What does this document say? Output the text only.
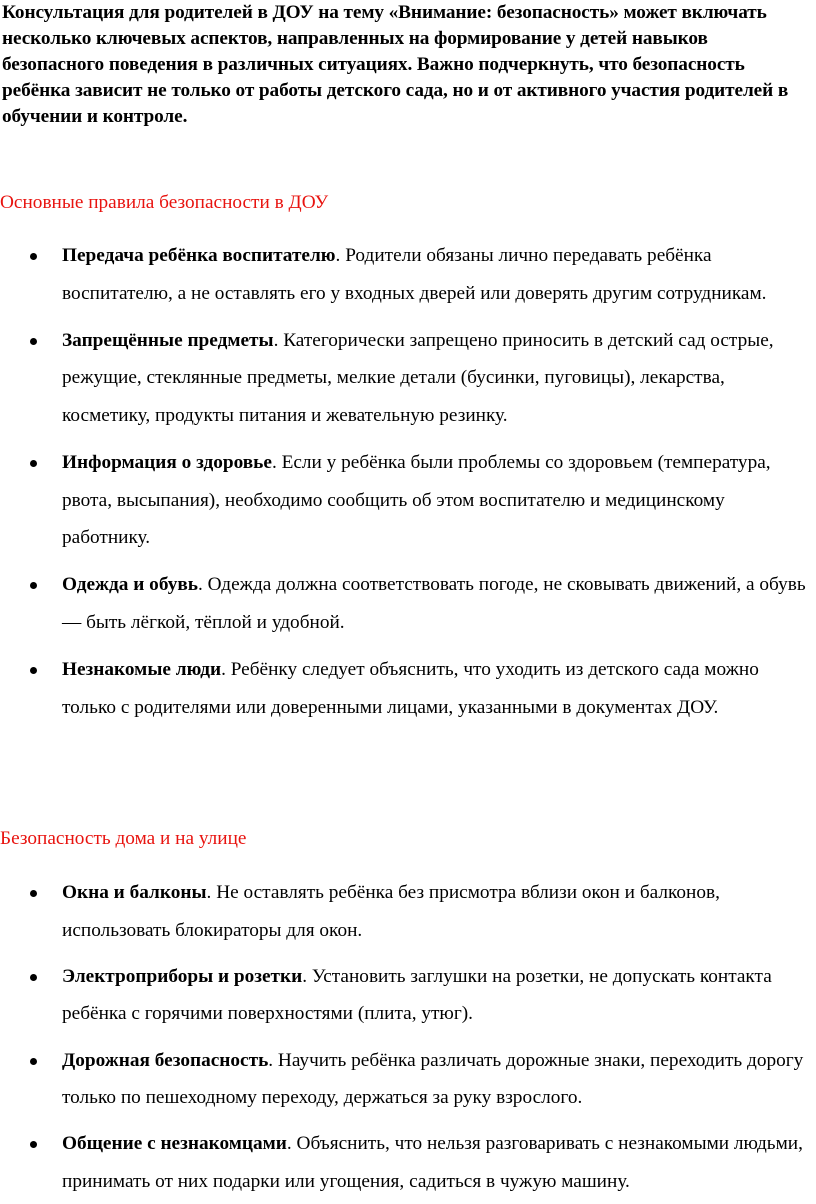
Консультация для родителей в ДОУ на тему «Внимание: безопасность» может включать несколько ключевых аспектов, направленных на формирование у детей навыков безопасного поведения в различных ситуациях. Важно подчеркнуть, что безопасность ребёнка зависит не только от работы детского сада, но и от активного участия родителей в обучении и контроле.

Основные правила безопасности в ДОУ
Передача ребёнка воспитателю. Родители обязаны лично передавать ребёнка воспитателю, а не оставлять его у входных дверей или доверять другим сотрудникам.
Запрещённые предметы. Категорически запрещено приносить в детский сад острые, режущие, стеклянные предметы, мелкие детали (бусинки, пуговицы), лекарства, косметику, продукты питания и жевательную резинку.
Информация о здоровье. Если у ребёнка были проблемы со здоровьем (температура, рвота, высыпания), необходимо сообщить об этом воспитателю и медицинскому работнику.
Одежда и обувь. Одежда должна соответствовать погоде, не сковывать движений, а обувь — быть лёгкой, тёплой и удобной.
Незнакомые люди. Ребёнку следует объяснить, что уходить из детского сада можно только с родителями или доверенными лицами, указанными в документах ДОУ.
Безопасность дома и на улице
Окна и балконы. Не оставлять ребёнка без присмотра вблизи окон и балконов, использовать блокираторы для окон.
Электроприборы и розетки. Установить заглушки на розетки, не допускать контакта ребёнка с горячими поверхностями (плита, утюг).
Дорожная безопасность. Научить ребёнка различать дорожные знаки, переходить дорогу только по пешеходному переходу, держаться за руку взрослого.
Общение с незнакомцами. Объяснить, что нельзя разговаривать с незнакомыми людьми, принимать от них подарки или угощения, садиться в чужую машину.
